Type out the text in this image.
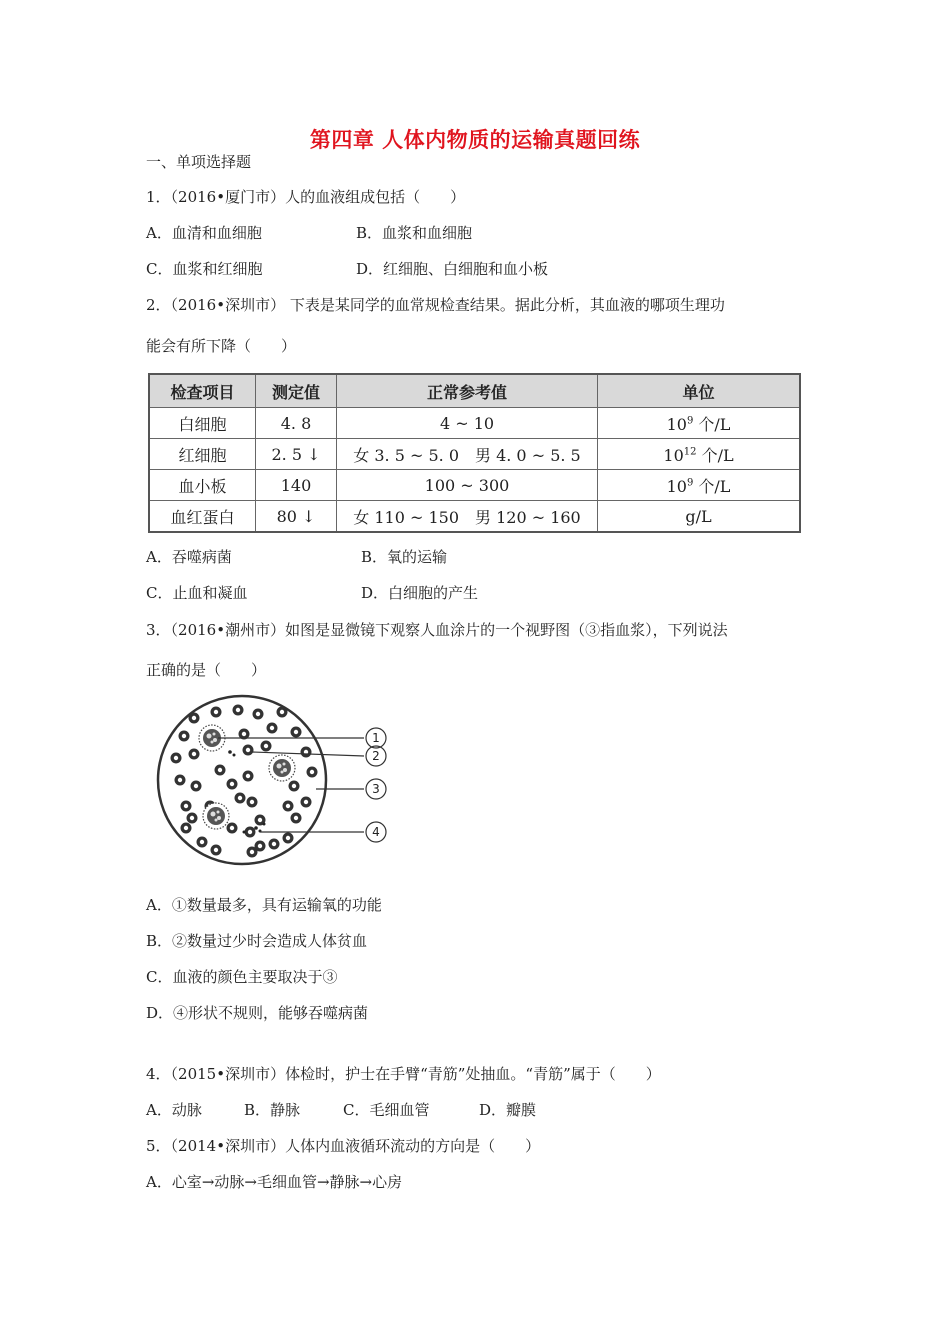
第四章 人体内物质的运输真题回练
一、单项选择题
1．（2016•厦门市）人的血液组成包括（　　）
A．血清和血细胞	B．血浆和血细胞
C．血浆和红细胞	D．红细胞、白细胞和血小板
2．（2016•深圳市） 下表是某同学的血常规检查结果。据此分析，其血液的哪项生理功
能会有所下降（　　）
检查项目	测定值	正常参考值	单位
白细胞	4. 8	4 ~ 10	$10^9$ 个/L
红细胞	2. 5 ↓	女 3. 5 ~ 5. 0　男 4. 0 ~ 5. 5	$10^{12}$ 个/L
血小板	140	100 ~ 300	$10^9$ 个/L
血红蛋白	80 ↓	女 110 ~ 150　男 120 ~ 160	g/L
A．吞噬病菌	B．氧的运输
C．止血和凝血	D．白细胞的产生
3．（2016•潮州市）如图是显微镜下观察人血涂片的一个视野图（③指血浆），下列说法
正确的是（　　）
1
2
3
4
A．①数量最多，具有运输氧的功能
B．②数量过少时会造成人体贫血
C．血液的颜色主要取决于③
D．④形状不规则，能够吞噬病菌
4．（2015•深圳市）体检时，护士在手臂“青筋”处抽血。“青筋”属于（　　）
A．动脉	B．静脉	C．毛细血管	D．瓣膜
5．（2014•深圳市）人体内血液循环流动的方向是（　　）
A．心室→动脉→毛细血管→静脉→心房
